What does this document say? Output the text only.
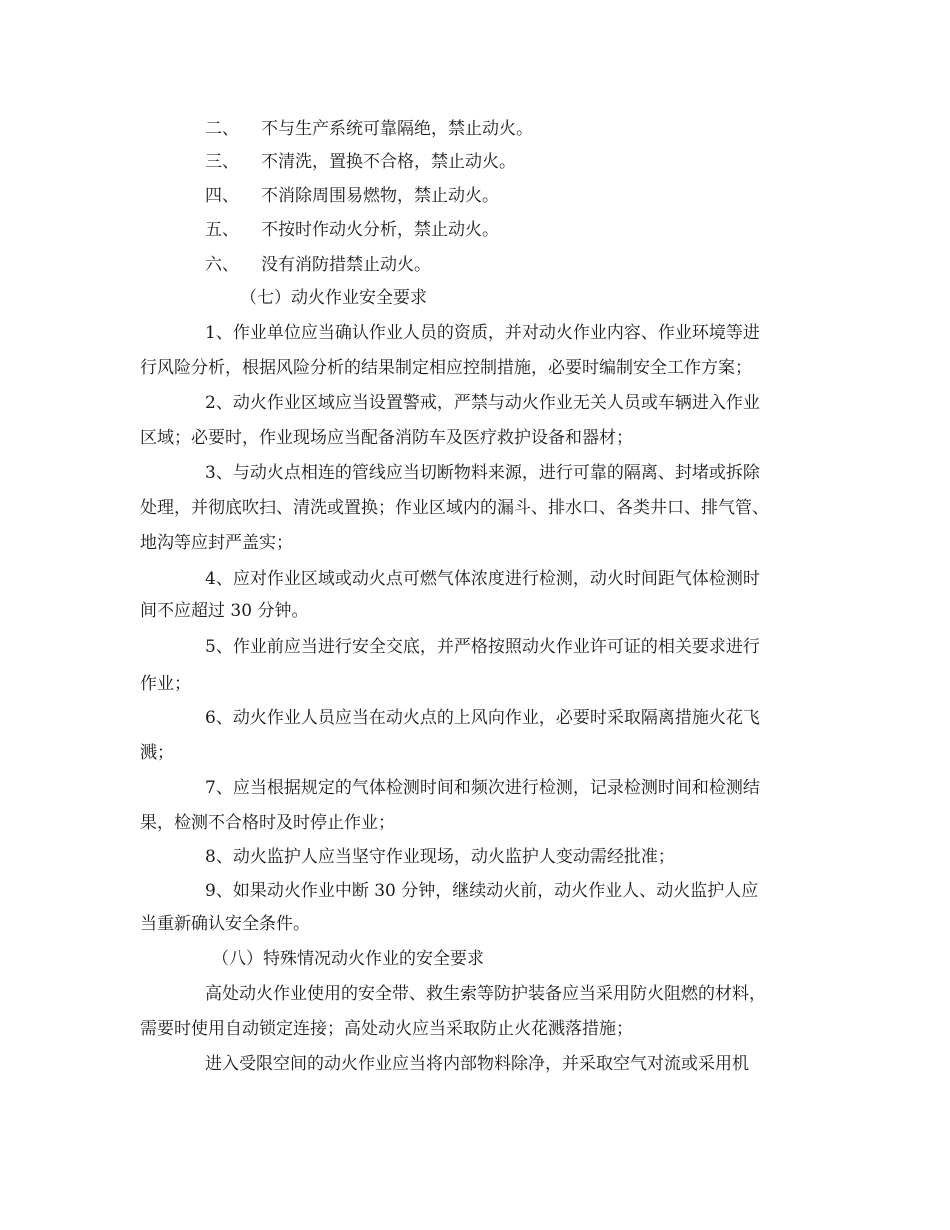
二、 不与生产系统可靠隔绝，禁止动火。
三、 不清洗，置换不合格，禁止动火。
四、 不消除周围易燃物，禁止动火。
五、 不按时作动火分析，禁止动火。
六、 没有消防措禁止动火。
（七）动火作业安全要求
1、作业单位应当确认作业人员的资质，并对动火作业内容、作业环境等进
行风险分析，根据风险分析的结果制定相应控制措施，必要时编制安全工作方案；
2、动火作业区域应当设置警戒，严禁与动火作业无关人员或车辆进入作业
区域；必要时，作业现场应当配备消防车及医疗救护设备和器材；
3、与动火点相连的管线应当切断物料来源，进行可靠的隔离、封堵或拆除
处理，并彻底吹扫、清洗或置换；作业区域内的漏斗、排水口、各类井口、排气管、
地沟等应封严盖实；
4、应对作业区域或动火点可燃气体浓度进行检测，动火时间距气体检测时
间不应超过 30 分钟。
5、作业前应当进行安全交底，并严格按照动火作业许可证的相关要求进行
作业；
6、动火作业人员应当在动火点的上风向作业，必要时采取隔离措施火花飞
溅；
7、应当根据规定的气体检测时间和频次进行检测，记录检测时间和检测结
果，检测不合格时及时停止作业；
8、动火监护人应当坚守作业现场，动火监护人变动需经批准；
9、如果动火作业中断 30 分钟，继续动火前，动火作业人、动火监护人应
当重新确认安全条件。
（八）特殊情况动火作业的安全要求
高处动火作业使用的安全带、救生索等防护装备应当采用防火阻燃的材料，
需要时使用自动锁定连接；高处动火应当采取防止火花溅落措施；
进入受限空间的动火作业应当将内部物料除净，并采取空气对流或采用机
